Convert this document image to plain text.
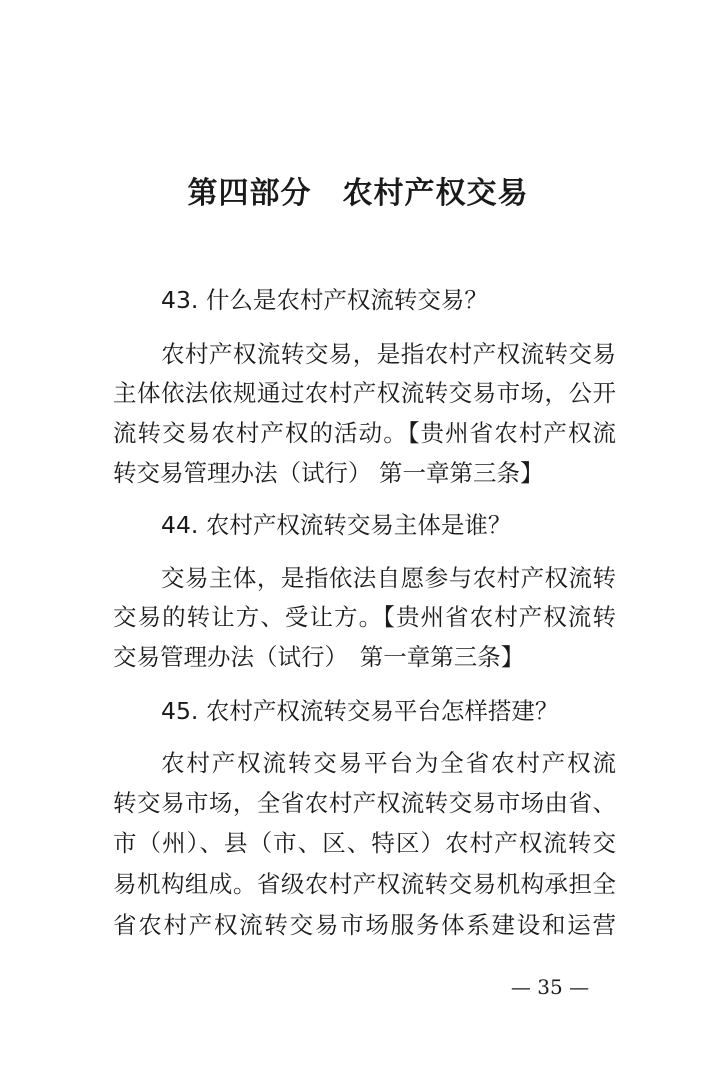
第四部分　农村产权交易
43. 什么是农村产权流转交易？
农村产权流转交易，是指农村产权流转交易
主体依法依规通过农村产权流转交易市场，公开
流转交易农村产权的活动。【贵州省农村产权流
转交易管理办法（试行） 第一章第三条】
44. 农村产权流转交易主体是谁？
交易主体，是指依法自愿参与农村产权流转
交易的转让方、受让方。【贵州省农村产权流转
交易管理办法（试行）　第一章第三条】
45. 农村产权流转交易平台怎样搭建？
农村产权流转交易平台为全省农村产权流
转交易市场，全省农村产权流转交易市场由省、
市（州）、县（市、区、特区）农村产权流转交
易机构组成。省级农村产权流转交易机构承担全
省农村产权流转交易市场服务体系建设和运营
— 35 —
